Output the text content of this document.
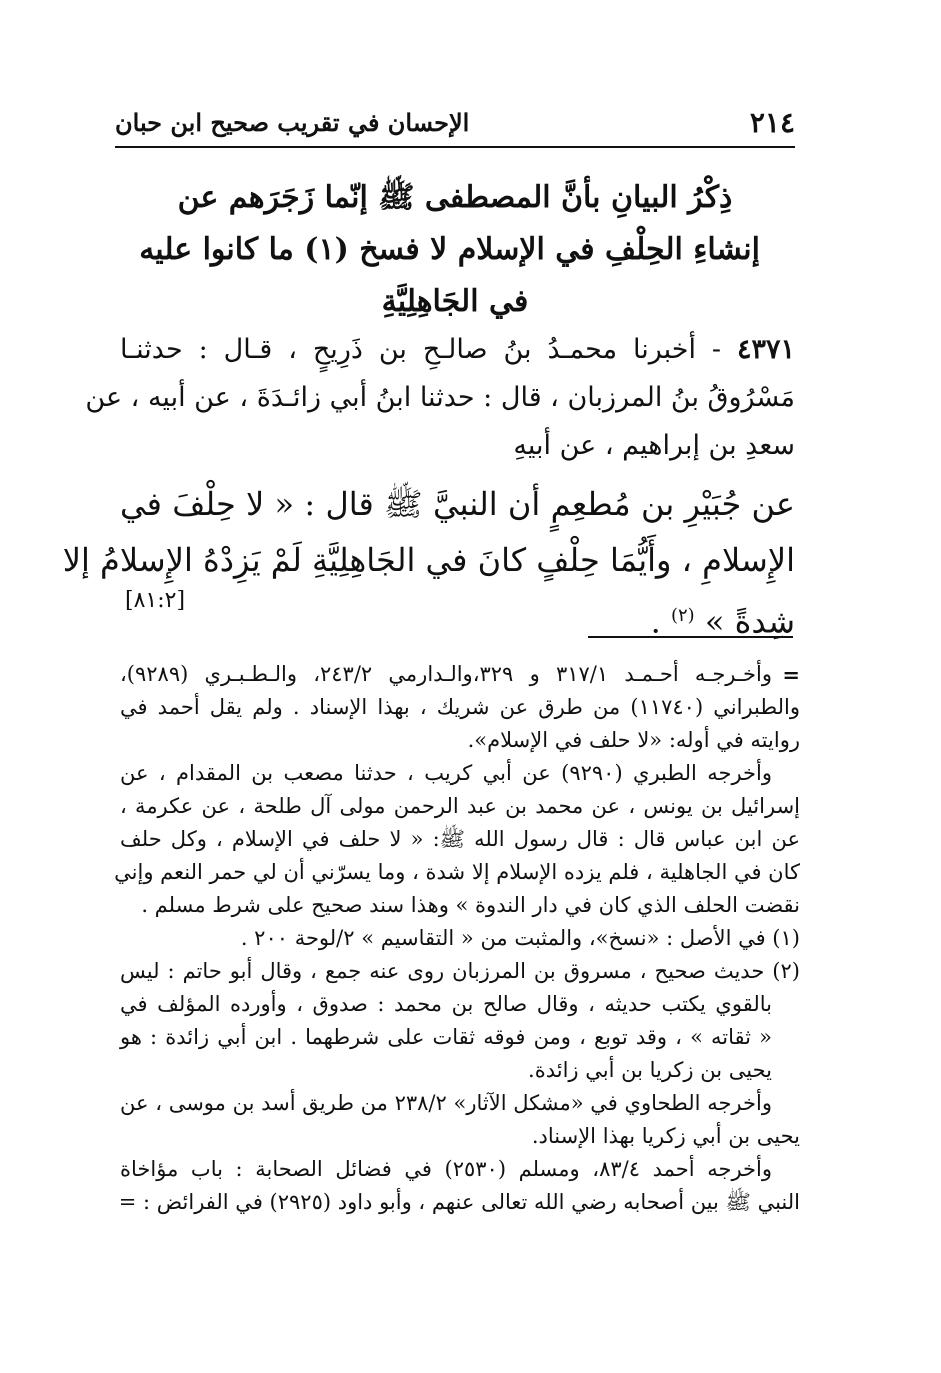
٢١٤
الإحسان في تقريب صحيح ابن حبان
ذِكْرُ البيانِ بأنَّ المصطفى ﷺ إنّما زَجَرَهم عن
إنشاءِ الحِلْفِ في الإسلام لا فسخ (١) ما كانوا عليه
في الجَاهِلِيَّةِ
٤٣٧١ - أخبرنا محمـدُ بنُ صالـحِ بن ذَرِيحٍ ، قـال : حدثنـا
مَسْرُوقُ بنُ المرزبان ، قال : حدثنا ابنُ أبي زائـدَةَ ، عن أبيه ، عن
سعدِ بن إبراهيم ، عن أبيهِ
عن جُبَيْرِ بن مُطعِمٍ أن النبيَّ ﷺ قال : « لا حِلْفَ في
الإِسلامِ ، وأَيُّمَا حِلْفٍ كانَ في الجَاهِلِيَّةِ لَمْ يَزِدْهُ الإِسلامُ إلا
شِدةً » $^{(٢)}$ .
[٨١:٢]
=
وأخـرجـه أحـمـد ٣١٧/١ و ٣٢٩،والـدارمي ٢٤٣/٢، والـطـبـري (٩٢٨٩)،
والطبراني (١١٧٤٠) من طرق عن شريك ، بهذا الإسناد . ولم يقل أحمد في
روايته في أوله: «لا حلف في الإسلام».
وأخرجه الطبري (٩٢٩٠) عن أبي كريب ، حدثنا مصعب بن المقدام ، عن
إسرائيل بن يونس ، عن محمد بن عبد الرحمن مولى آل طلحة ، عن عكرمة ،
عن ابن عباس قال : قال رسول الله ﷺ: « لا حلف في الإسلام ، وكل حلف
كان في الجاهلية ، فلم يزده الإسلام إلا شدة ، وما يسرّني أن لي حمر النعم وإني
نقضت الحلف الذي كان في دار الندوة » وهذا سند صحيح على شرط مسلم .
(١) في الأصل : «نسخ»، والمثبت من « التقاسيم » ٢/لوحة ٢٠٠ .
(٢) حديث صحيح ، مسروق بن المرزبان روى عنه جمع ، وقال أبو حاتم : ليس
بالقوي يكتب حديثه ، وقال صالح بن محمد : صدوق ، وأورده المؤلف في
« ثقاته » ، وقد توبع ، ومن فوقه ثقات على شرطهما . ابن أبي زائدة : هو
يحيى بن زكريا بن أبي زائدة.
وأخرجه الطحاوي في «مشكل الآثار» ٢٣٨/٢ من طريق أسد بن موسى ، عن
يحيى بن أبي زكريا بهذا الإسناد.
وأخرجه أحمد ٨٣/٤، ومسلم (٢٥٣٠) في فضائل الصحابة : باب مؤاخاة
النبي ﷺ بين أصحابه رضي الله تعالى عنهم ، وأبو داود (٢٩٢٥) في الفرائض : =
